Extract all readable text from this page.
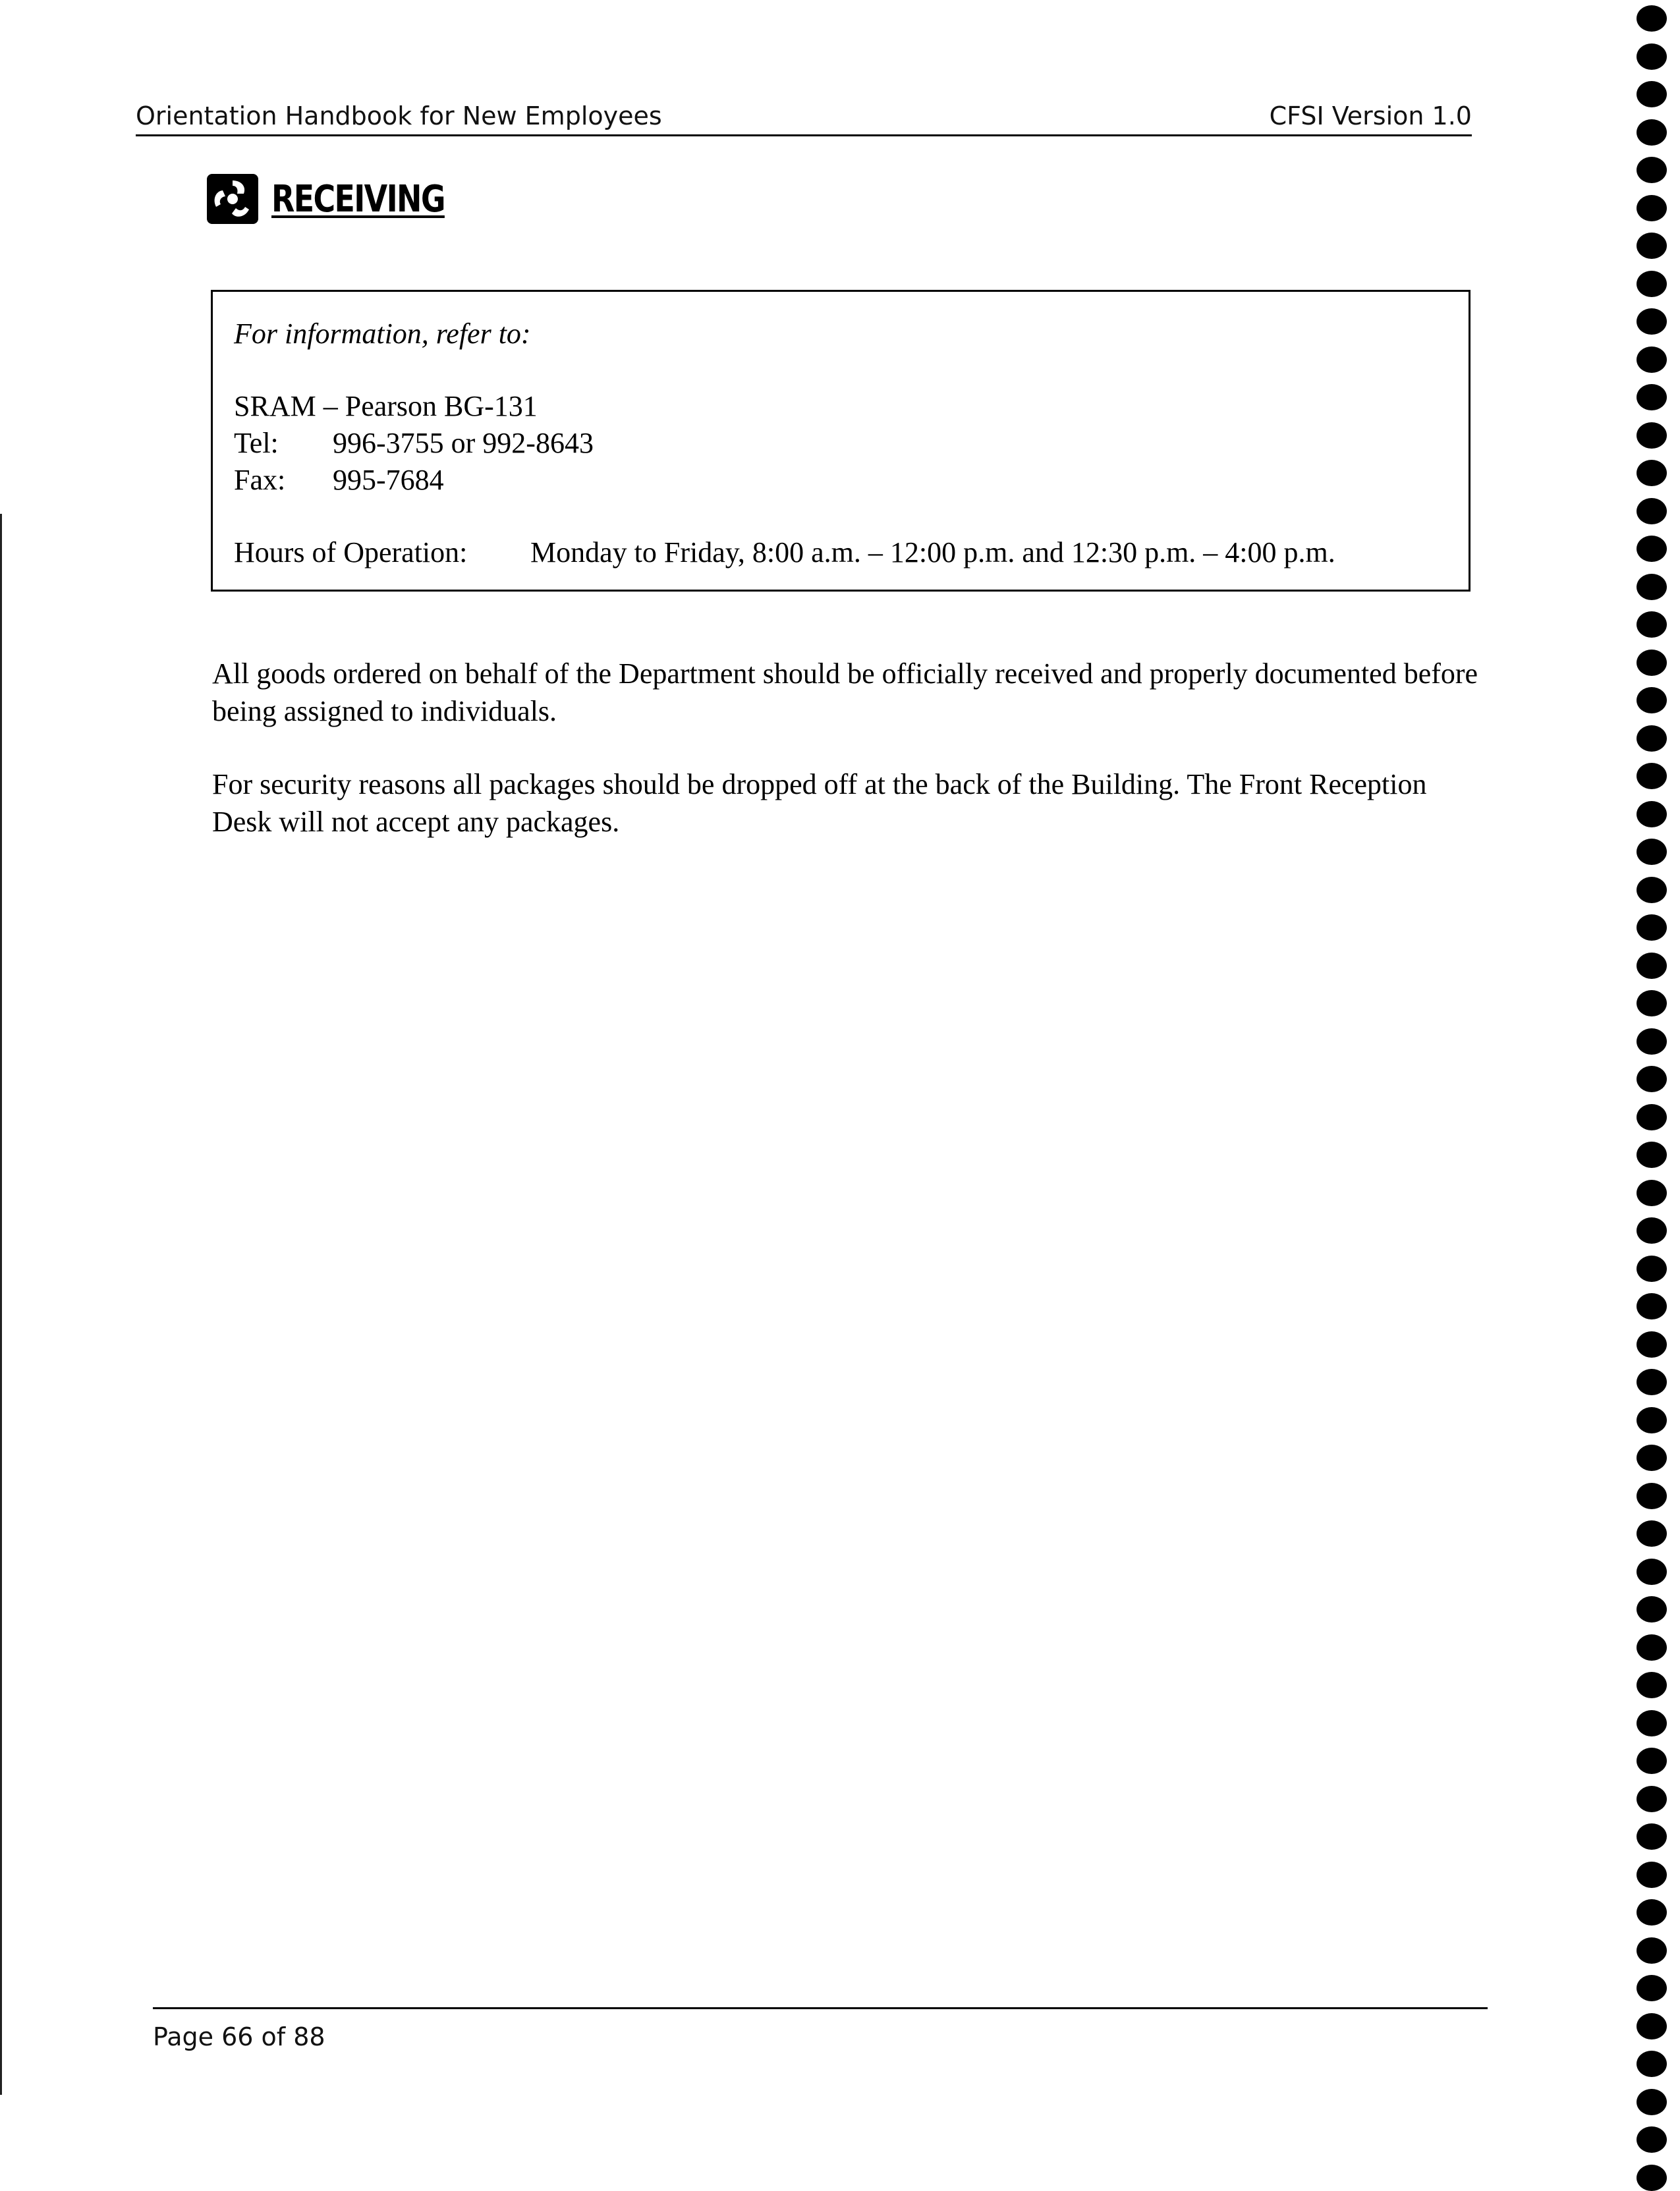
Orientation Handbook for New Employees	CFSI Version 1.0
RECEIVING
For information, refer to:
SRAM – Pearson BG-131
Tel: 996-3755 or 992-8643
Fax: 995-7684
Hours of Operation: Monday to Friday, 8:00 a.m. – 12:00 p.m. and 12:30 p.m. – 4:00 p.m.

All goods ordered on behalf of the Department should be officially received and properly documented before being assigned to individuals.

For security reasons all packages should be dropped off at the back of the Building. The Front Reception Desk will not accept any packages.

Page 66 of 88
